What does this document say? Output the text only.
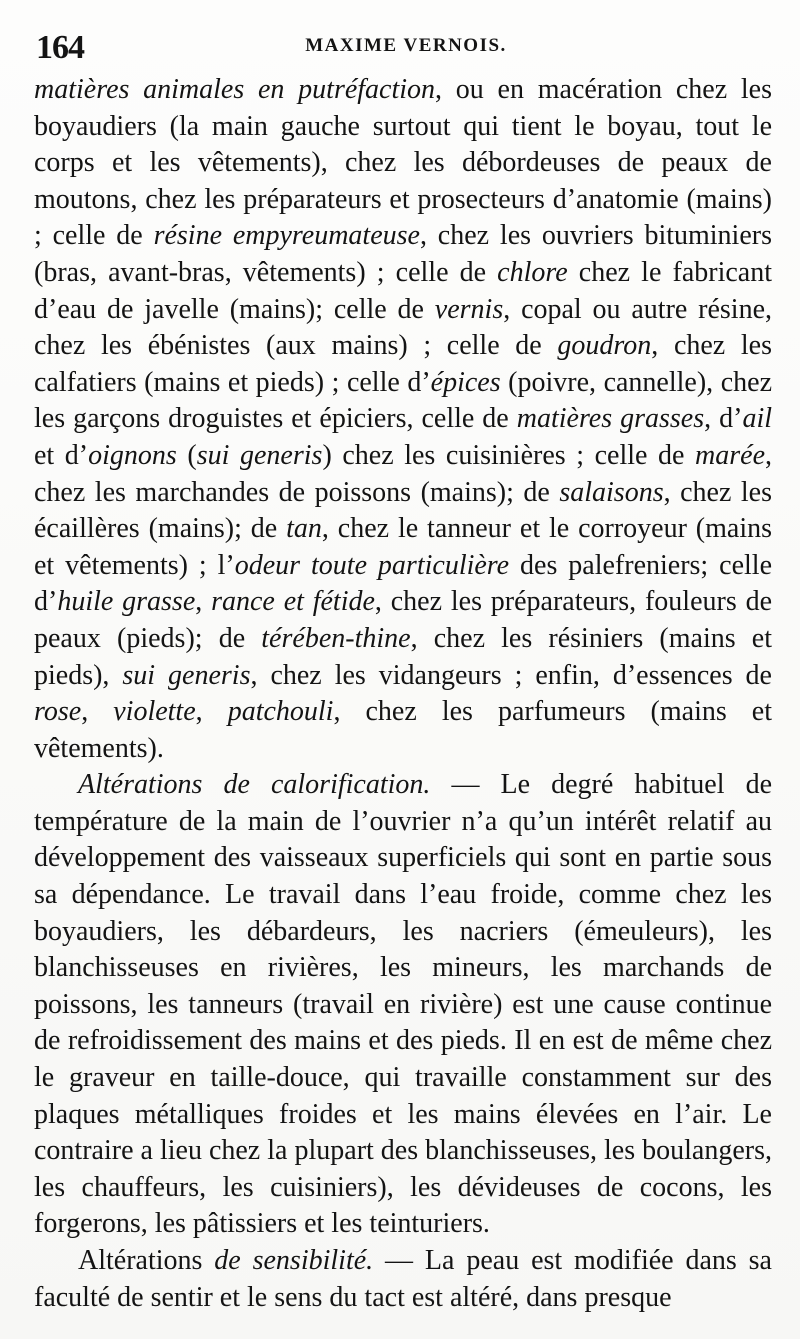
164	MAXIME VERNOIS.

matières animales en putréfaction, ou en macération chez les boyaudiers (la main gauche surtout qui tient le boyau, tout le corps et les vêtements), chez les débordeuses de peaux de moutons, chez les préparateurs et prosecteurs d’anatomie (mains) ; celle de résine empyreumateuse, chez les ouvriers bituminiers (bras, avant-bras, vêtements) ; celle de chlore chez le fabricant d’eau de javelle (mains); celle de vernis, copal ou autre résine, chez les ébénistes (aux mains) ; celle de goudron, chez les calfatiers (mains et pieds) ; celle d’épices (poivre, cannelle), chez les garçons droguistes et épiciers, celle de matières grasses, d’ail et d’oignons (sui generis) chez les cuisinières ; celle de marée, chez les marchandes de poissons (mains); de salaisons, chez les écaillères (mains); de tan, chez le tanneur et le corroyeur (mains et vêtements) ; l’odeur toute particulière des palefreniers; celle d’huile grasse, rance et fétide, chez les préparateurs, fouleurs de peaux (pieds); de térében-thine, chez les résiniers (mains et pieds), sui generis, chez les vidangeurs ; enfin, d’essences de rose, violette, patchouli, chez les parfumeurs (mains et vêtements).

Altérations de calorification. — Le degré habituel de température de la main de l’ouvrier n’a qu’un intérêt relatif au développement des vaisseaux superficiels qui sont en partie sous sa dépendance. Le travail dans l’eau froide, comme chez les boyaudiers, les débardeurs, les nacriers (émeuleurs), les blanchisseuses en rivières, les mineurs, les marchands de poissons, les tanneurs (travail en rivière) est une cause continue de refroidissement des mains et des pieds. Il en est de même chez le graveur en taille-douce, qui travaille constamment sur des plaques métalliques froides et les mains élevées en l’air. Le contraire a lieu chez la plupart des blanchisseuses, les boulangers, les chauffeurs, les cuisiniers), les dévideuses de cocons, les forgerons, les pâtissiers et les teinturiers.

Altérations de sensibilité. — La peau est modifiée dans sa faculté de sentir et le sens du tact est altéré, dans presque
